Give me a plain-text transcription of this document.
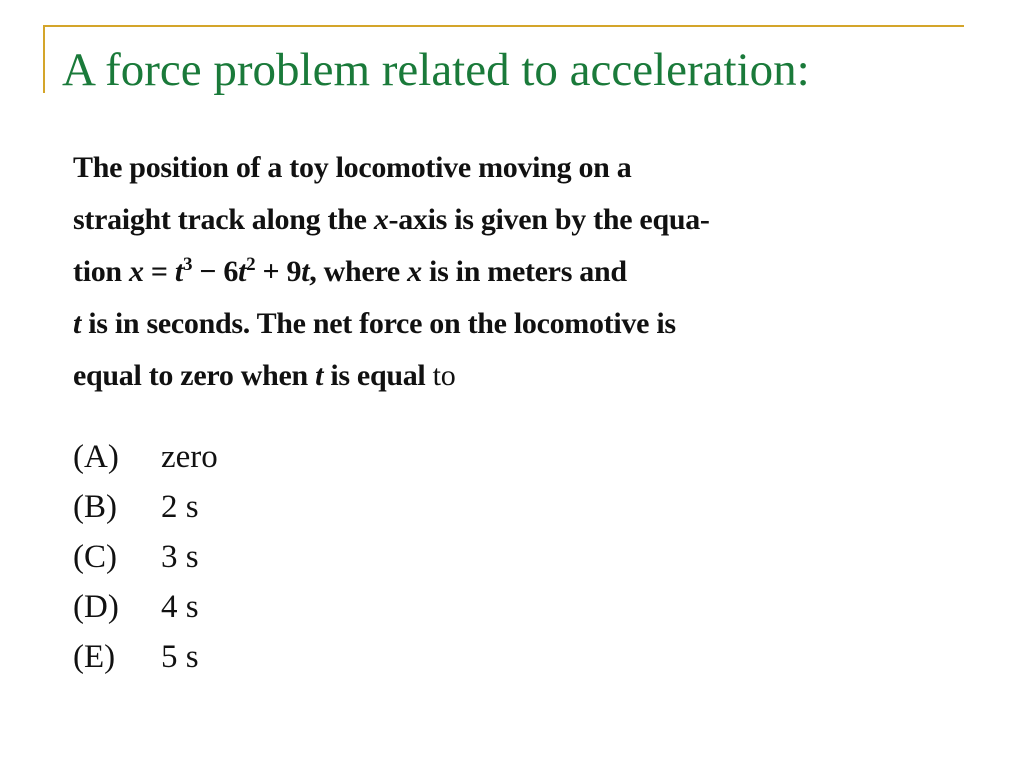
A force problem related to acceleration:
The position of a toy locomotive moving on a
straight track along the x-axis is given by the equa-
tion $x = t^3 - 6t^2 + 9t$, where x is in meters and
t is in seconds. The net force on the locomotive is
equal to zero when t is equal to
(A)	zero
(B)	2 s
(C)	3 s
(D)	4 s
(E)	5 s
